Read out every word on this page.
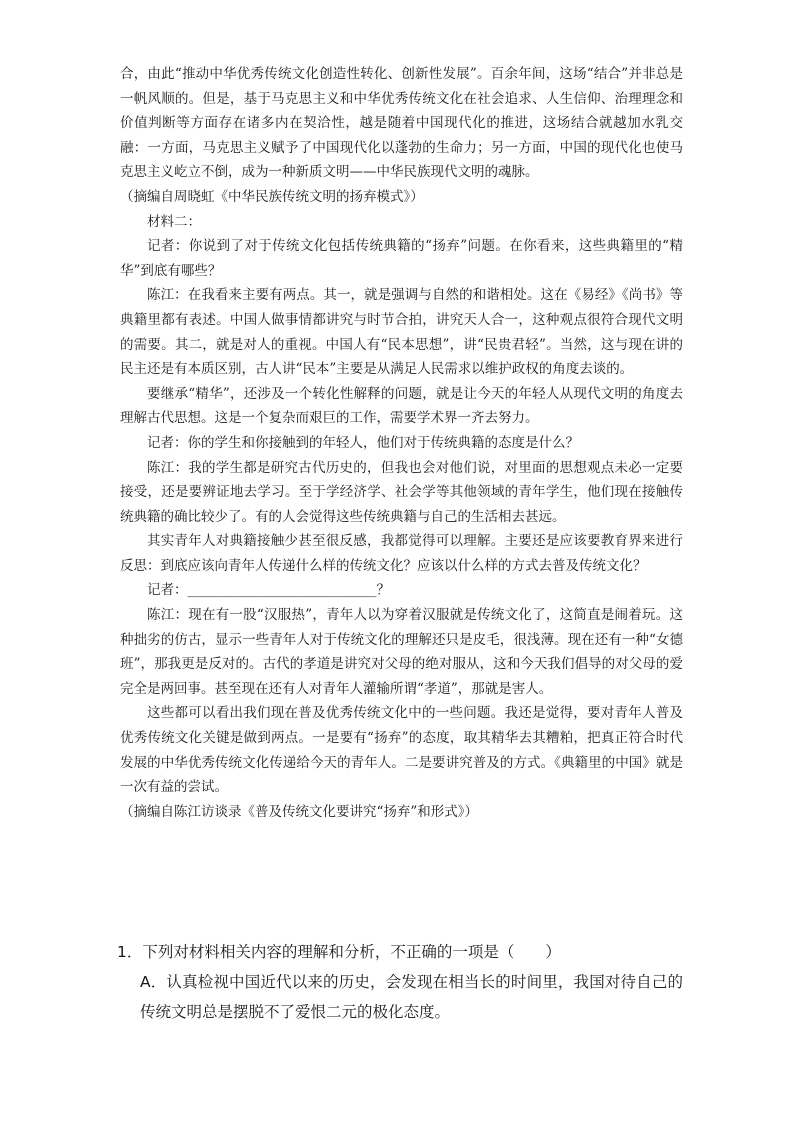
合，由此“推动中华优秀传统文化创造性转化、创新性发展”。百余年间，这场“结合”并非总是一帆风顺的。但是，基于马克思主义和中华优秀传统文化在社会追求、人生信仰、治理理念和价值判断等方面存在诸多内在契洽性，越是随着中国现代化的推进，这场结合就越加水乳交融：一方面，马克思主义赋予了中国现代化以蓬勃的生命力；另一方面，中国的现代化也使马克思主义屹立不倒，成为一种新质文明——中华民族现代文明的魂脉。

（摘编自周晓虹《中华民族传统文明的扬弃模式》）

材料二：

记者：你说到了对于传统文化包括传统典籍的“扬弃”问题。在你看来，这些典籍里的“精华”到底有哪些？

陈江：在我看来主要有两点。其一，就是强调与自然的和谐相处。这在《易经》《尚书》等典籍里都有表述。中国人做事情都讲究与时节合拍，讲究天人合一，这种观点很符合现代文明的需要。其二，就是对人的重视。中国人有“民本思想”，讲“民贵君轻”。当然，这与现在讲的民主还是有本质区别，古人讲“民本”主要是从满足人民需求以维护政权的角度去谈的。

要继承“精华”，还涉及一个转化性解释的问题，就是让今天的年轻人从现代文明的角度去理解古代思想。这是一个复杂而艰巨的工作，需要学术界一齐去努力。

记者：你的学生和你接触到的年轻人，他们对于传统典籍的态度是什么？

陈江：我的学生都是研究古代历史的，但我也会对他们说，对里面的思想观点未必一定要接受，还是要辨证地去学习。至于学经济学、社会学等其他领域的青年学生，他们现在接触传统典籍的确比较少了。有的人会觉得这些传统典籍与自己的生活相去甚远。

其实青年人对典籍接触少甚至很反感，我都觉得可以理解。主要还是应该要教育界来进行反思：到底应该向青年人传递什么样的传统文化？应该以什么样的方式去普及传统文化？

记者：____________________________？

陈江：现在有一股“汉服热”，青年人以为穿着汉服就是传统文化了，这简直是闹着玩。这种拙劣的仿古，显示一些青年人对于传统文化的理解还只是皮毛，很浅薄。现在还有一种“女德班”，那我更是反对的。古代的孝道是讲究对父母的绝对服从，这和今天我们倡导的对父母的爱完全是两回事。甚至现在还有人对青年人灌输所谓“孝道”，那就是害人。

这些都可以看出我们现在普及优秀传统文化中的一些问题。我还是觉得，要对青年人普及优秀传统文化关键是做到两点。一是要有“扬弃”的态度，取其精华去其糟粕，把真正符合时代发展的中华优秀传统文化传递给今天的青年人。二是要讲究普及的方式。《典籍里的中国》就是一次有益的尝试。

（摘编自陈江访谈录《普及传统文化要讲究“扬弃”和形式》）

1．下列对材料相关内容的理解和分析，不正确的一项是（　　）

A．认真检视中国近代以来的历史，会发现在相当长的时间里，我国对待自己的传统文明总是摆脱不了爱恨二元的极化态度。
